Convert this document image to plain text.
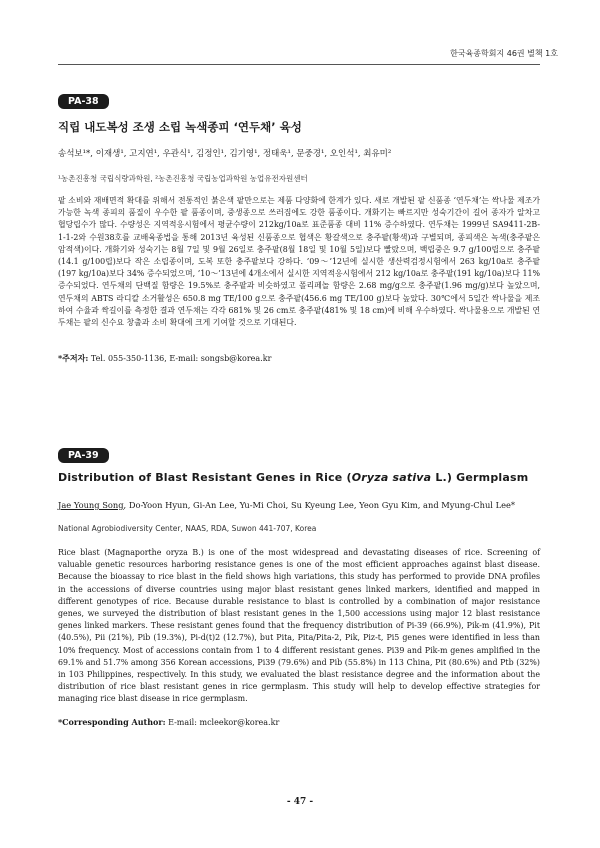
한국육종학회지 46권 별책 1호
PA-38
직립 내도복성 조생 소립 녹색종피 ‘연두채’ 육성
송석보¹*, 이재생¹, 고지연¹, 우관식¹, 김정인¹, 김기영¹, 정태욱¹, 문중경¹, 오인석¹, 최유미²
¹농촌진흥청 국립식량과학원, ²농촌진흥청 국립농업과학원 농업유전자원센터
팥 소비와 재배면적 확대를 위해서 전통적인 붉은색 팥만으로는 제품 다양화에 한계가 있다. 새로 개발된 팥 신품종 ‘연두채’는 싹나물 제조가 가능한 녹색 종피의 품질이 우수한 팥 품종이며, 중생종으로 쓰러짐에도 강한 품종이다. 개화기는 빠르지만 성숙기간이 길어 종자가 알차고 협당립수가 많다. 수량성은 지역적응시험에서 평균수량이 212kg/10a로 표준품종 대비 11% 증수하였다. 연두채는 1999년 SA9411-2B-1-1-2와 수원38호를 교배육종법을 통해 2013년 육성된 신품종으로 협색은 황갈색으로 충주팥(황색)과 구별되며, 종피색은 녹색(충주팥은 암적색)이다. 개화기와 성숙기는 8월 7일 및 9월 26일로 충주팥(8월 18일 및 10월 5일)보다 빨랐으며, 백립중은 9.7 g/100립으로 충주팥(14.1 g/100립)보다 작은 소립종이며, 도복 또한 충주팥보다 강하다. ’09～’12년에 실시한 생산력검정시험에서 263 kg/10a로 충주팥(197 kg/10a)보다 34% 증수되었으며, ’10～’13년에 4개소에서 실시한 지역적응시험에서 212 kg/10a로 충주팥(191 kg/10a)보다 11% 증수되었다. 연두채의 단백질 함량은 19.5%로 충주팥과 비슷하였고 폴리페놀 함량은 2.68 mg/g으로 충주팥(1.96 mg/g)보다 높았으며, 연두채의 ABTS 라디칼 소거활성은 650.8 mg TE/100 g으로 충주팥(456.6 mg TE/100 g)보다 높았다. 30℃에서 5일간 싹나물을 제조하여 수율과 싹길이를 측정한 결과 연두채는 각각 681% 및 26 cm로 충주팥(481% 및 18 cm)에 비해 우수하였다. 싹나물용으로 개발된 연두채는 팥의 신수요 창출과 소비 확대에 크게 기여할 것으로 기대된다.
*주저자: Tel. 055-350-1136, E-mail: songsb@korea.kr
PA-39
Distribution of Blast Resistant Genes in Rice (Oryza sativa L.) Germplasm
Jae Young Song, Do-Yoon Hyun, Gi-An Lee, Yu-Mi Choi, Su Kyeung Lee, Yeon Gyu Kim, and Myung-Chul Lee*
National Agrobiodiversity Center, NAAS, RDA, Suwon 441-707, Korea
Rice blast (Magnaporthe oryza B.) is one of the most widespread and devastating diseases of rice. Screening of valuable genetic resources harboring resistance genes is one of the most efficient approaches against blast disease. Because the bioassay to rice blast in the field shows high variations, this study has performed to provide DNA profiles in the accessions of diverse countries using major blast resistant genes linked markers, identified and mapped in different genotypes of rice. Because durable resistance to blast is controlled by a combination of major resistance genes, we surveyed the distribution of blast resistant genes in the 1,500 accessions using major 12 blast resistance genes linked markers. These resistant genes found that the frequency distribution of Pi-39 (66.9%), Pik-m (41.9%), Pit (40.5%), Pii (21%), Pib (19.3%), Pi-d(t)2 (12.7%), but Pita, Pita/Pita-2, Pik, Piz-t, Pi5 genes were identified in less than 10% frequency. Most of accessions contain from 1 to 4 different resistant genes. Pi39 and Pik-m genes amplified in the 69.1% and 51.7% among 356 Korean accessions, Pi39 (79.6%) and Pib (55.8%) in 113 China, Pit (80.6%) and Ptb (32%) in 103 Philippines, respectively. In this study, we evaluated the blast resistance degree and the information about the distribution of rice blast resistant genes in rice germplasm. This study will help to develop effective strategies for managing rice blast disease in rice germplasm.
*Corresponding Author: E-mail: mcleekor@korea.kr
- 47 -
